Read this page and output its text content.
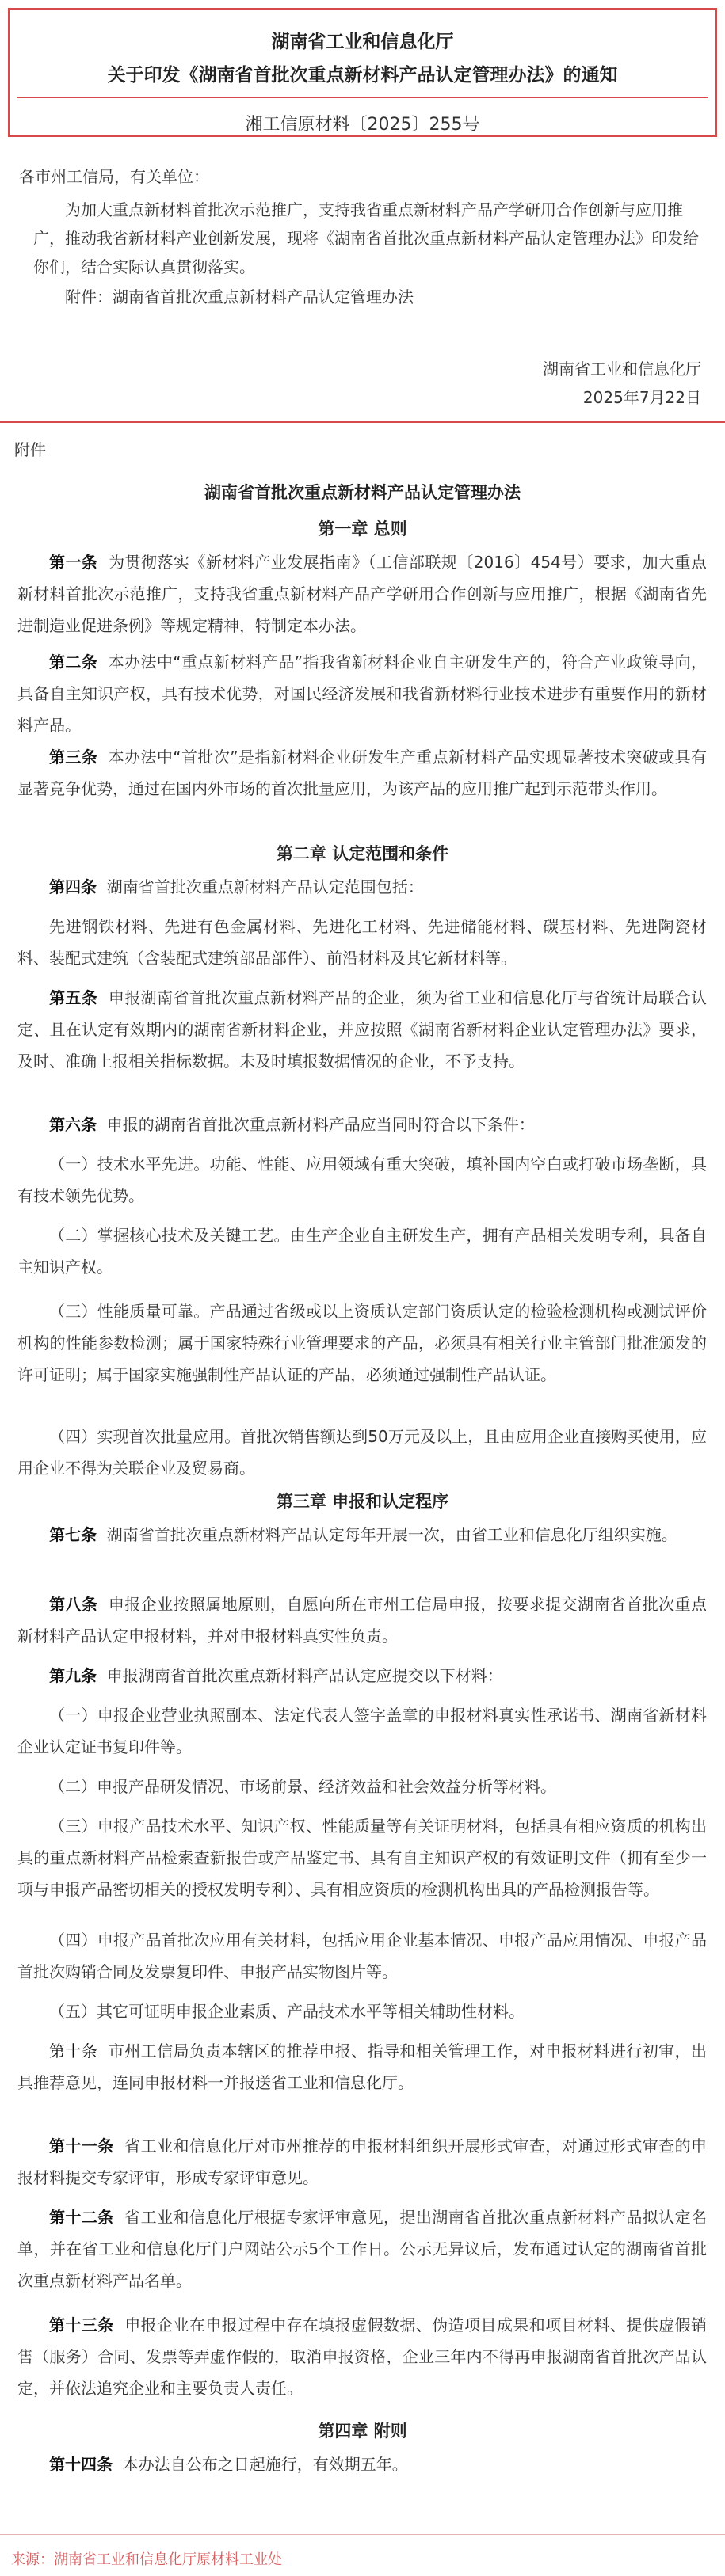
湖南省工业和信息化厅
关于印发《湖南省首批次重点新材料产品认定管理办法》的通知
湘工信原材料〔2025〕255号
各市州工信局，有关单位：
为加大重点新材料首批次示范推广，支持我省重点新材料产品产学研用合作创新与应用推广，推动我省新材料产业创新发展，现将《湖南省首批次重点新材料产品认定管理办法》印发给你们，结合实际认真贯彻落实。
附件：湖南省首批次重点新材料产品认定管理办法
湖南省工业和信息化厅
2025年7月22日
附件
湖南省首批次重点新材料产品认定管理办法
第一章 总则
第一条 为贯彻落实《新材料产业发展指南》（工信部联规〔2016〕454号）要求，加大重点新材料首批次示范推广，支持我省重点新材料产品产学研用合作创新与应用推广，根据《湖南省先进制造业促进条例》等规定精神，特制定本办法。
第二条 本办法中“重点新材料产品”指我省新材料企业自主研发生产的，符合产业政策导向，具备自主知识产权，具有技术优势，对国民经济发展和我省新材料行业技术进步有重要作用的新材料产品。
第三条 本办法中“首批次”是指新材料企业研发生产重点新材料产品实现显著技术突破或具有显著竞争优势，通过在国内外市场的首次批量应用，为该产品的应用推广起到示范带头作用。
第二章 认定范围和条件
第四条 湖南省首批次重点新材料产品认定范围包括：
先进钢铁材料、先进有色金属材料、先进化工材料、先进储能材料、碳基材料、先进陶瓷材料、装配式建筑（含装配式建筑部品部件）、前沿材料及其它新材料等。
第五条 申报湖南省首批次重点新材料产品的企业，须为省工业和信息化厅与省统计局联合认定、且在认定有效期内的湖南省新材料企业，并应按照《湖南省新材料企业认定管理办法》要求，及时、准确上报相关指标数据。未及时填报数据情况的企业，不予支持。
第六条 申报的湖南省首批次重点新材料产品应当同时符合以下条件：
（一）技术水平先进。功能、性能、应用领域有重大突破，填补国内空白或打破市场垄断，具有技术领先优势。
（二）掌握核心技术及关键工艺。由生产企业自主研发生产，拥有产品相关发明专利，具备自主知识产权。
（三）性能质量可靠。产品通过省级或以上资质认定部门资质认定的检验检测机构或测试评价机构的性能参数检测；属于国家特殊行业管理要求的产品，必须具有相关行业主管部门批准颁发的许可证明；属于国家实施强制性产品认证的产品，必须通过强制性产品认证。
（四）实现首次批量应用。首批次销售额达到50万元及以上，且由应用企业直接购买使用，应用企业不得为关联企业及贸易商。
第三章 申报和认定程序
第七条 湖南省首批次重点新材料产品认定每年开展一次，由省工业和信息化厅组织实施。
第八条 申报企业按照属地原则，自愿向所在市州工信局申报，按要求提交湖南省首批次重点新材料产品认定申报材料，并对申报材料真实性负责。
第九条 申报湖南省首批次重点新材料产品认定应提交以下材料：
（一）申报企业营业执照副本、法定代表人签字盖章的申报材料真实性承诺书、湖南省新材料企业认定证书复印件等。
（二）申报产品研发情况、市场前景、经济效益和社会效益分析等材料。
（三）申报产品技术水平、知识产权、性能质量等有关证明材料，包括具有相应资质的机构出具的重点新材料产品检索查新报告或产品鉴定书、具有自主知识产权的有效证明文件（拥有至少一项与申报产品密切相关的授权发明专利）、具有相应资质的检测机构出具的产品检测报告等。
（四）申报产品首批次应用有关材料，包括应用企业基本情况、申报产品应用情况、申报产品首批次购销合同及发票复印件、申报产品实物图片等。
（五）其它可证明申报企业素质、产品技术水平等相关辅助性材料。
第十条 市州工信局负责本辖区的推荐申报、指导和相关管理工作，对申报材料进行初审，出具推荐意见，连同申报材料一并报送省工业和信息化厅。
第十一条 省工业和信息化厅对市州推荐的申报材料组织开展形式审查，对通过形式审查的申报材料提交专家评审，形成专家评审意见。
第十二条 省工业和信息化厅根据专家评审意见，提出湖南省首批次重点新材料产品拟认定名单，并在省工业和信息化厅门户网站公示5个工作日。公示无异议后，发布通过认定的湖南省首批次重点新材料产品名单。
第十三条 申报企业在申报过程中存在填报虚假数据、伪造项目成果和项目材料、提供虚假销售（服务）合同、发票等弄虚作假的，取消申报资格，企业三年内不得再申报湖南省首批次产品认定，并依法追究企业和主要负责人责任。
第四章 附则
第十四条 本办法自公布之日起施行，有效期五年。
来源：湖南省工业和信息化厅原材料工业处
